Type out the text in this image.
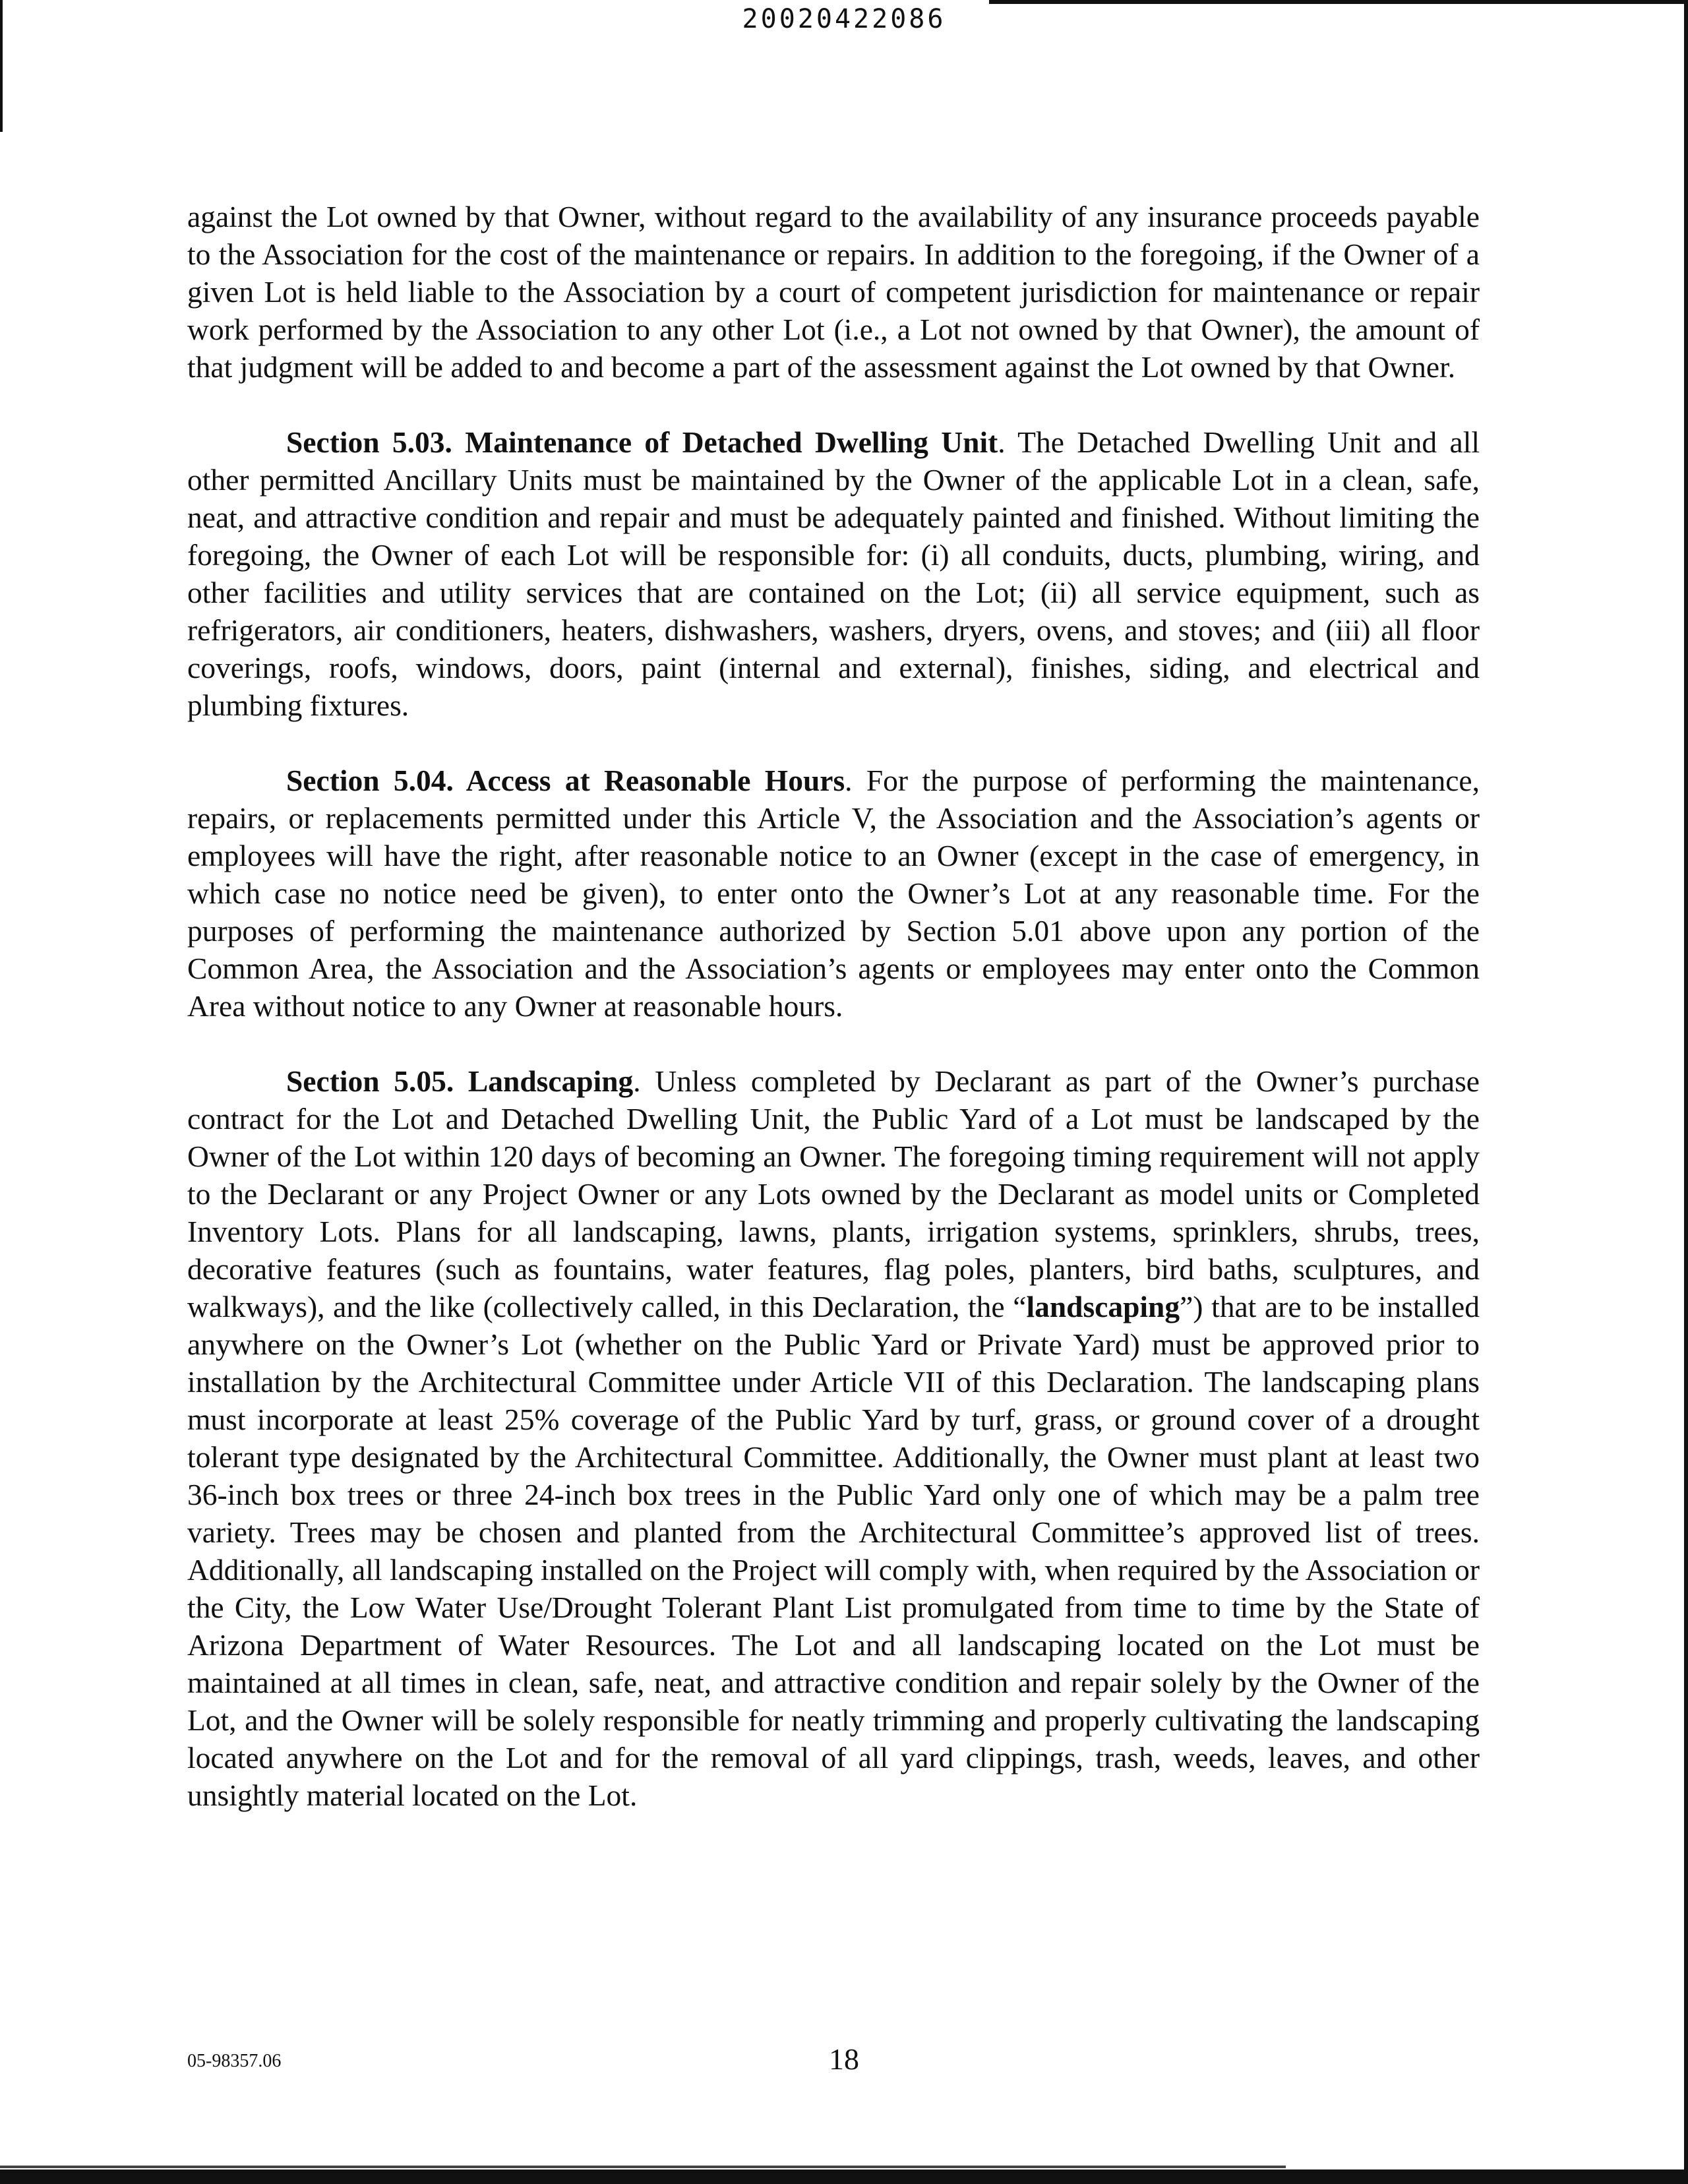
20020422086

against the Lot owned by that Owner, without regard to the availability of any insurance proceeds payable to the Association for the cost of the maintenance or repairs. In addition to the foregoing, if the Owner of a given Lot is held liable to the Association by a court of competent jurisdiction for maintenance or repair work performed by the Association to any other Lot (i.e., a Lot not owned by that Owner), the amount of that judgment will be added to and become a part of the assessment against the Lot owned by that Owner.

Section 5.03. Maintenance of Detached Dwelling Unit. The Detached Dwelling Unit and all other permitted Ancillary Units must be maintained by the Owner of the applicable Lot in a clean, safe, neat, and attractive condition and repair and must be adequately painted and finished. Without limiting the foregoing, the Owner of each Lot will be responsible for: (i) all conduits, ducts, plumbing, wiring, and other facilities and utility services that are contained on the Lot; (ii) all service equipment, such as refrigerators, air conditioners, heaters, dishwashers, washers, dryers, ovens, and stoves; and (iii) all floor coverings, roofs, windows, doors, paint (internal and external), finishes, siding, and electrical and plumbing fixtures.

Section 5.04. Access at Reasonable Hours. For the purpose of performing the maintenance, repairs, or replacements permitted under this Article V, the Association and the Association’s agents or employees will have the right, after reasonable notice to an Owner (except in the case of emergency, in which case no notice need be given), to enter onto the Owner’s Lot at any reasonable time. For the purposes of performing the maintenance authorized by Section 5.01 above upon any portion of the Common Area, the Association and the Association’s agents or employees may enter onto the Common Area without notice to any Owner at reasonable hours.

Section 5.05. Landscaping. Unless completed by Declarant as part of the Owner’s purchase contract for the Lot and Detached Dwelling Unit, the Public Yard of a Lot must be landscaped by the Owner of the Lot within 120 days of becoming an Owner. The foregoing timing requirement will not apply to the Declarant or any Project Owner or any Lots owned by the Declarant as model units or Completed Inventory Lots. Plans for all landscaping, lawns, plants, irrigation systems, sprinklers, shrubs, trees, decorative features (such as fountains, water features, flag poles, planters, bird baths, sculptures, and walkways), and the like (collectively called, in this Declaration, the “landscaping”) that are to be installed anywhere on the Owner’s Lot (whether on the Public Yard or Private Yard) must be approved prior to installation by the Architectural Committee under Article VII of this Declaration. The landscaping plans must incorporate at least 25% coverage of the Public Yard by turf, grass, or ground cover of a drought tolerant type designated by the Architectural Committee. Additionally, the Owner must plant at least two 36-inch box trees or three 24-inch box trees in the Public Yard only one of which may be a palm tree variety. Trees may be chosen and planted from the Architectural Committee’s approved list of trees. Additionally, all landscaping installed on the Project will comply with, when required by the Association or the City, the Low Water Use/Drought Tolerant Plant List promulgated from time to time by the State of Arizona Department of Water Resources. The Lot and all landscaping located on the Lot must be maintained at all times in clean, safe, neat, and attractive condition and repair solely by the Owner of the Lot, and the Owner will be solely responsible for neatly trimming and properly cultivating the landscaping located anywhere on the Lot and for the removal of all yard clippings, trash, weeds, leaves, and other unsightly material located on the Lot.

05-98357.06	18
